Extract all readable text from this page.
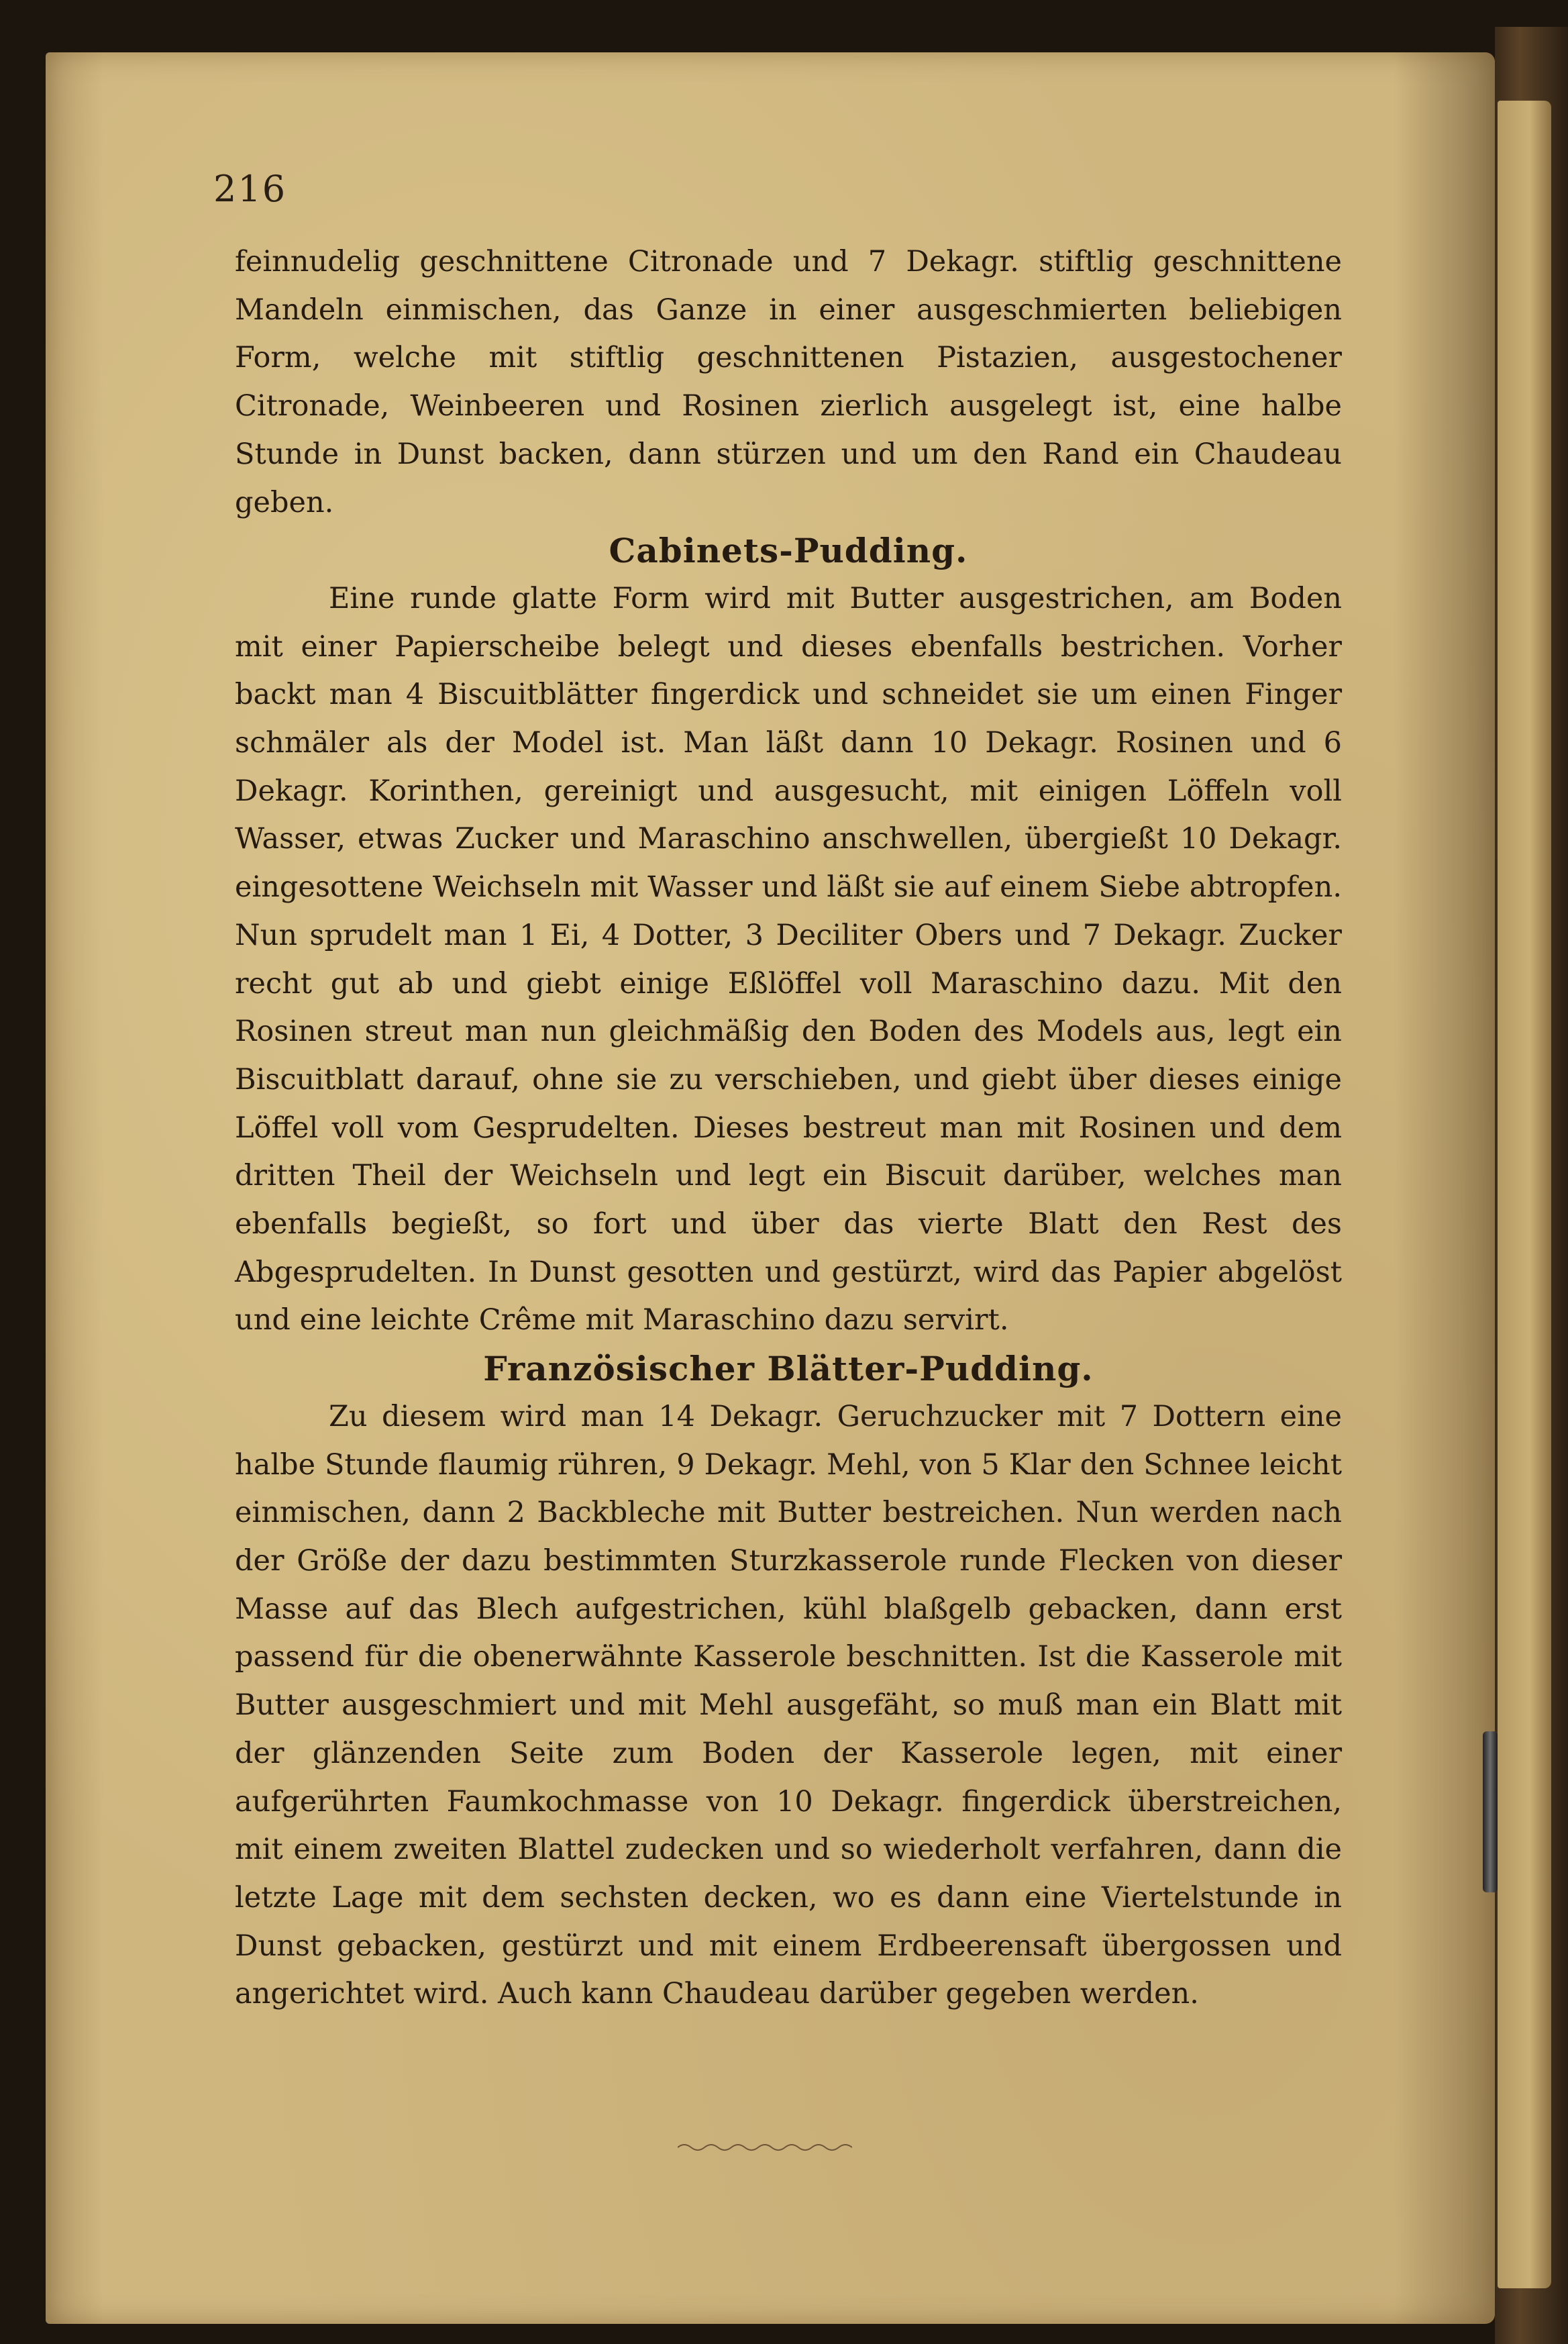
216

feinnudelig geschnittene Citronade und 7 Dekagr. stiftlig geschnittene Mandeln einmischen, das Ganze in einer ausgeschmierten beliebigen Form, welche mit stiftlig geschnittenen Pistazien, ausgestochener Citronade, Weinbeeren und Rosinen zierlich ausgelegt ist, eine halbe Stunde in Dunst backen, dann stürzen und um den Rand ein Chaudeau geben.

Cabinets-Pudding.

Eine runde glatte Form wird mit Butter ausgestrichen, am Boden mit einer Papierscheibe belegt und dieses ebenfalls bestrichen. Vorher backt man 4 Biscuitblätter fingerdick und schneidet sie um einen Finger schmäler als der Model ist. Man läßt dann 10 Dekagr. Rosinen und 6 Dekagr. Korinthen, gereinigt und ausgesucht, mit einigen Löffeln voll Wasser, etwas Zucker und Maraschino anschwellen, übergießt 10 Dekagr. eingesottene Weichseln mit Wasser und läßt sie auf einem Siebe abtropfen. Nun sprudelt man 1 Ei, 4 Dotter, 3 Deciliter Obers und 7 Dekagr. Zucker recht gut ab und giebt einige Eßlöffel voll Maraschino dazu. Mit den Rosinen streut man nun gleichmäßig den Boden des Models aus, legt ein Biscuitblatt darauf, ohne sie zu verschieben, und giebt über dieses einige Löffel voll vom Gesprudelten. Dieses bestreut man mit Rosinen und dem dritten Theil der Weichseln und legt ein Biscuit darüber, welches man ebenfalls begießt, so fort und über das vierte Blatt den Rest des Abgesprudelten. In Dunst gesotten und gestürzt, wird das Papier abgelöst und eine leichte Crême mit Maraschino dazu servirt.

Französischer Blätter-Pudding.

Zu diesem wird man 14 Dekagr. Geruchzucker mit 7 Dottern eine halbe Stunde flaumig rühren, 9 Dekagr. Mehl, von 5 Klar den Schnee leicht einmischen, dann 2 Backbleche mit Butter bestreichen. Nun werden nach der Größe der dazu bestimmten Sturzkasserole runde Flecken von dieser Masse auf das Blech aufgestrichen, kühl blaßgelb gebacken, dann erst passend für die obenerwähnte Kasserole beschnitten. Ist die Kasserole mit Butter ausgeschmiert und mit Mehl ausgefäht, so muß man ein Blatt mit der glänzenden Seite zum Boden der Kasserole legen, mit einer aufgerührten Faumkochmasse von 10 Dekagr. fingerdick überstreichen, mit einem zweiten Blattel zudecken und so wiederholt verfahren, dann die letzte Lage mit dem sechsten decken, wo es dann eine Viertelstunde in Dunst gebacken, gestürzt und mit einem Erdbeerensaft übergossen und angerichtet wird. Auch kann Chaudeau darüber gegeben werden.
